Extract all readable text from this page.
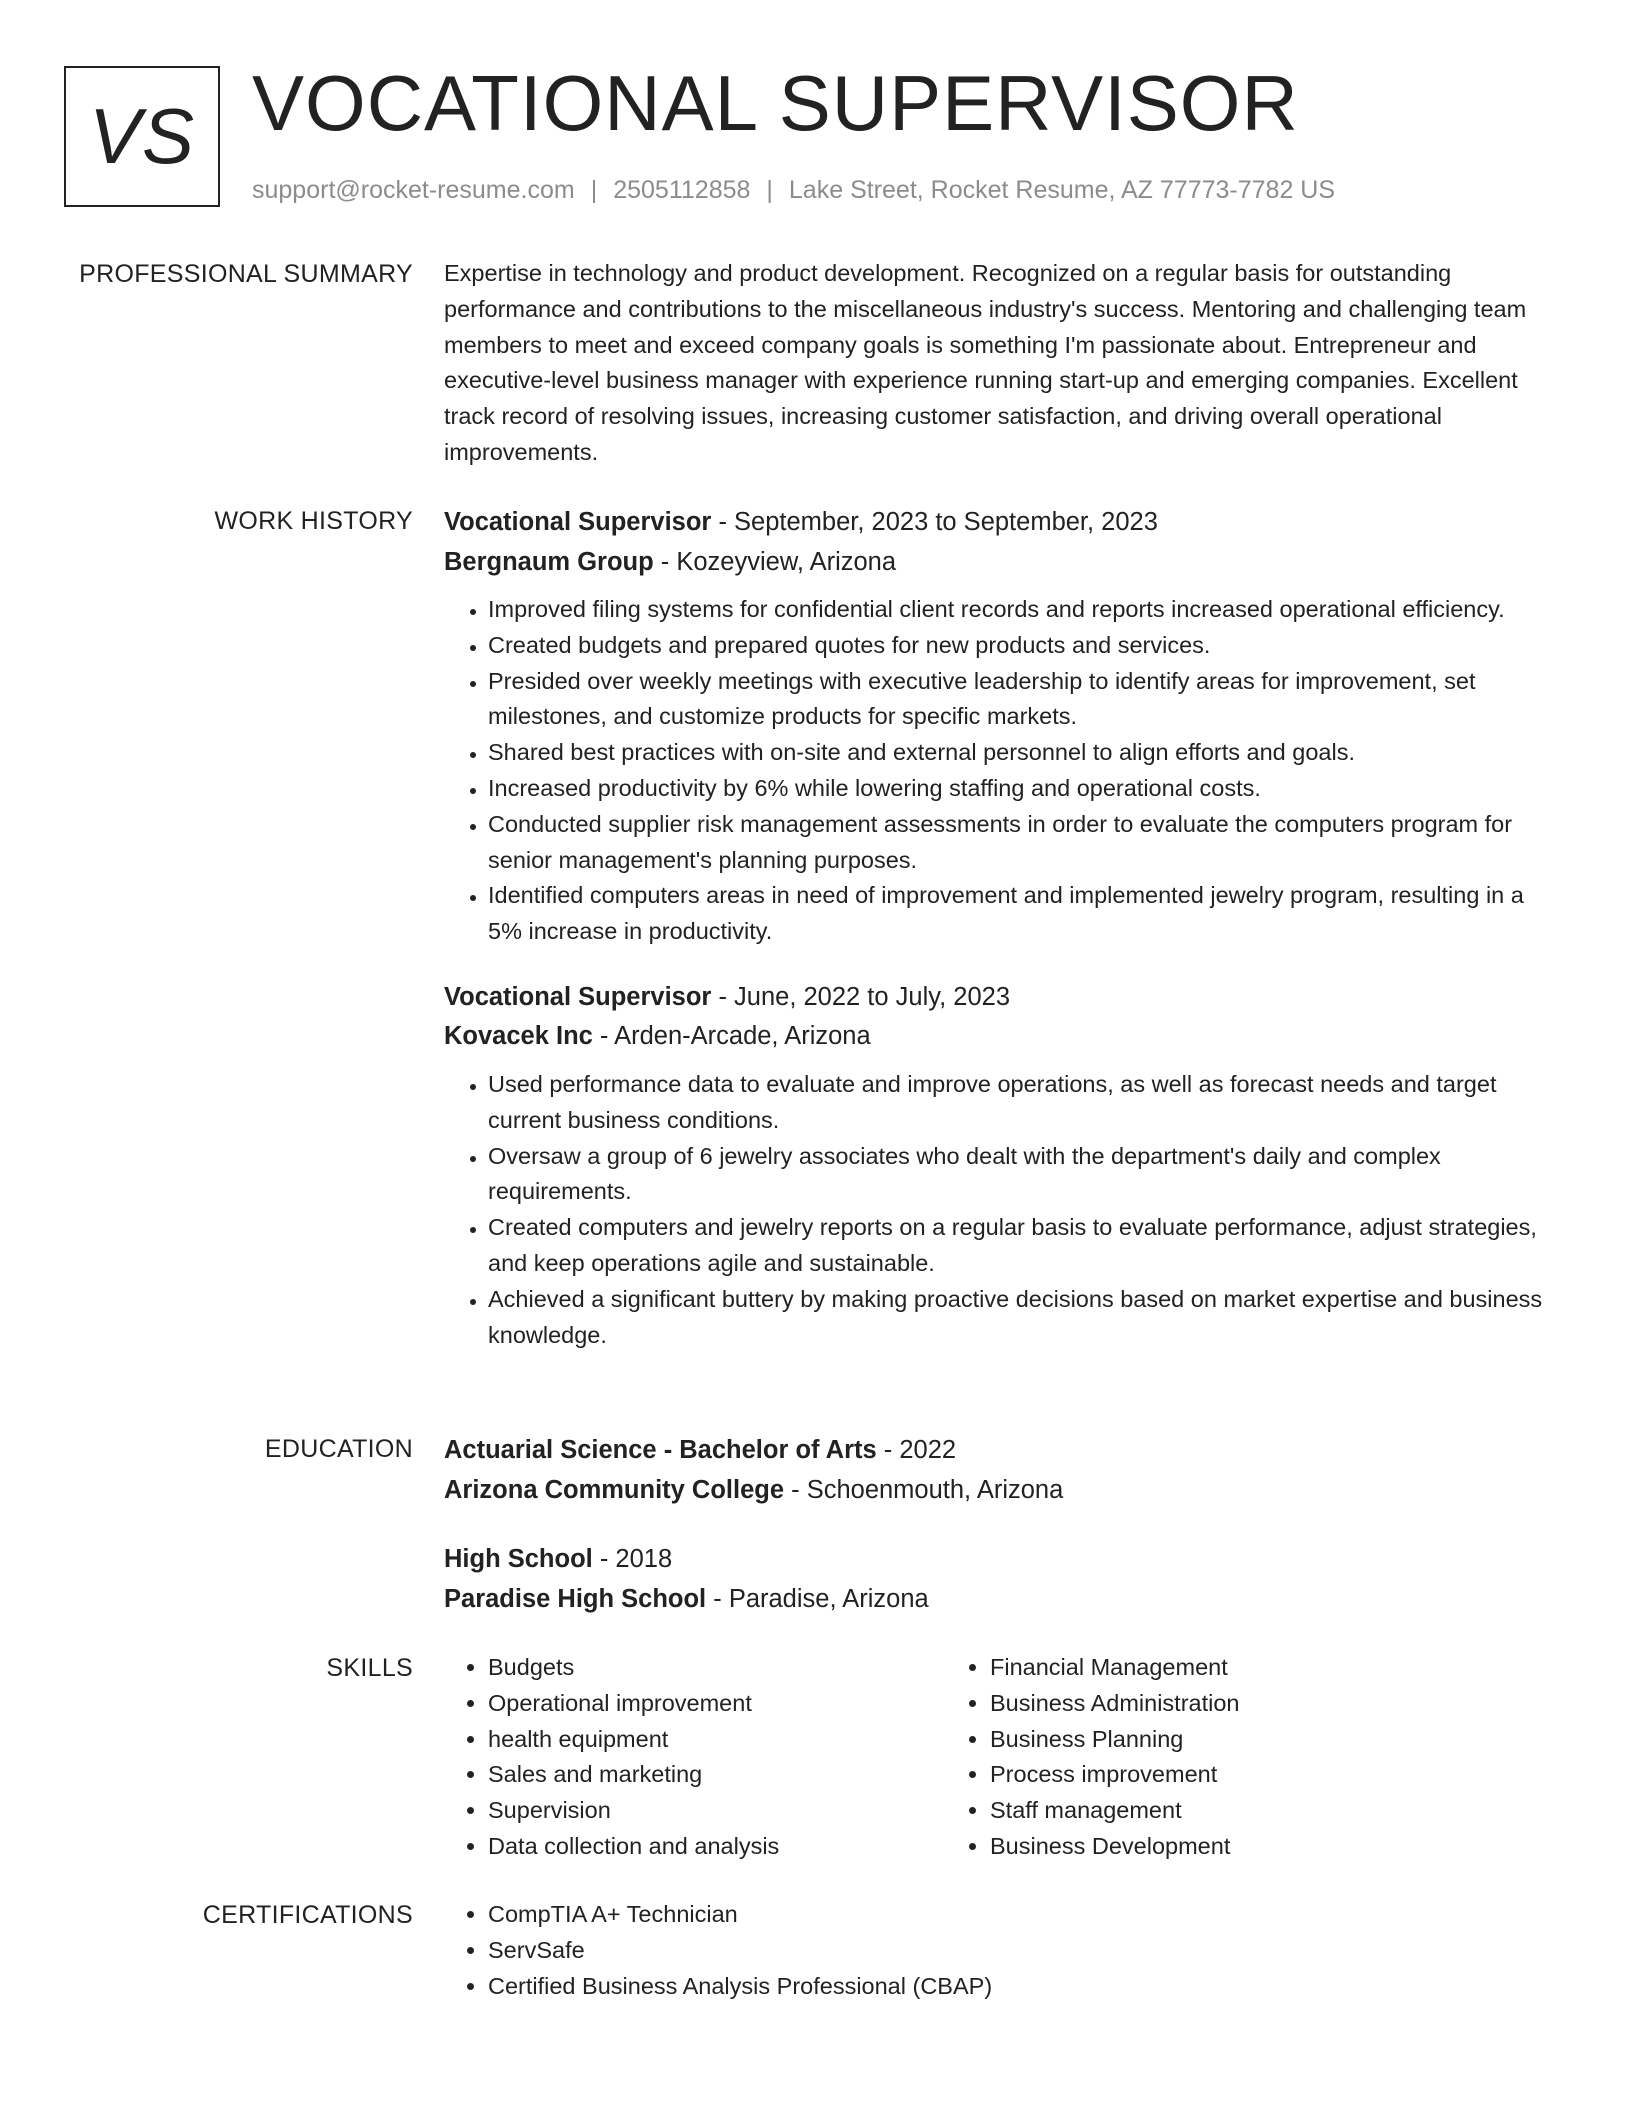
VS VOCATIONAL SUPERVISOR
support@rocket-resume.com | 2505112858 | Lake Street, Rocket Resume, AZ 77773-7782 US
PROFESSIONAL SUMMARY Expertise in technology and product development. Recognized on a regular basis for outstanding performance and contributions to the miscellaneous industry's success. Mentoring and challenging team members to meet and exceed company goals is something I'm passionate about. Entrepreneur and executive-level business manager with experience running start-up and emerging companies. Excellent track record of resolving issues, increasing customer satisfaction, and driving overall operational improvements.

WORK HISTORY Vocational Supervisor - September, 2023 to September, 2023
Bergnaum Group - Kozeyview, Arizona
• Improved filing systems for confidential client records and reports increased operational efficiency.
• Created budgets and prepared quotes for new products and services.
• Presided over weekly meetings with executive leadership to identify areas for improvement, set milestones, and customize products for specific markets.
• Shared best practices with on-site and external personnel to align efforts and goals.
• Increased productivity by 6% while lowering staffing and operational costs.
• Conducted supplier risk management assessments in order to evaluate the computers program for senior management's planning purposes.
• Identified computers areas in need of improvement and implemented jewelry program, resulting in a 5% increase in productivity.
Vocational Supervisor - June, 2022 to July, 2023
Kovacek Inc - Arden-Arcade, Arizona
• Used performance data to evaluate and improve operations, as well as forecast needs and target current business conditions.
• Oversaw a group of 6 jewelry associates who dealt with the department's daily and complex requirements.
• Created computers and jewelry reports on a regular basis to evaluate performance, adjust strategies, and keep operations agile and sustainable.
• Achieved a significant buttery by making proactive decisions based on market expertise and business knowledge.
EDUCATION Actuarial Science - Bachelor of Arts - 2022
Arizona Community College - Schoenmouth, Arizona
High School - 2018
Paradise High School - Paradise, Arizona
SKILLS	• Budgets
• Operational improvement
• health equipment
• Sales and marketing
• Supervision
• Data collection and analysis
• Financial Management
• Business Administration
• Business Planning
• Process improvement
• Staff management
• Business Development
CERTIFICATIONS	• CompTIA A+ Technician
• ServSafe
• Certified Business Analysis Professional (CBAP)
